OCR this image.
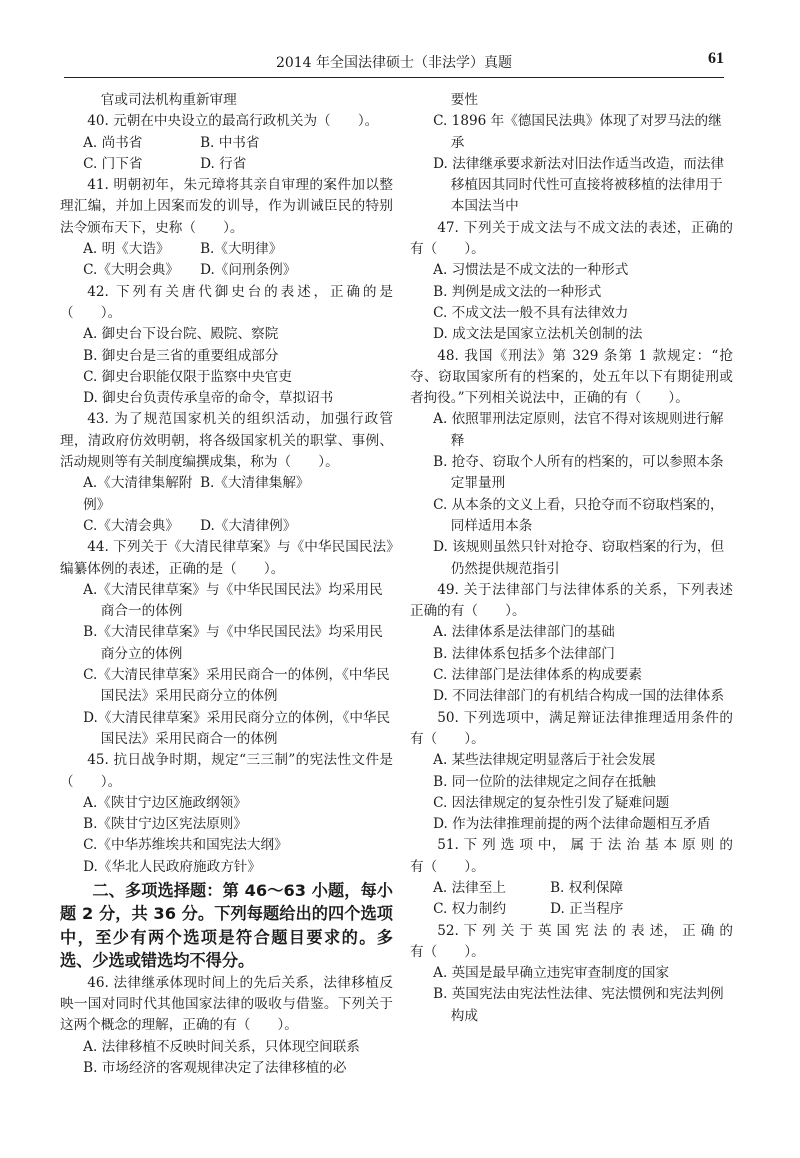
2014 年全国法律硕士（非法学）真题	61

官或司法机构重新审理

40. 元朝在中央设立的最高行政机关为（　　）。

A. 尚书省	B. 中书省

C. 门下省	D. 行省

41. 明朝初年，朱元璋将其亲自审理的案件加以整理汇编，并加上因案而发的训导，作为训诫臣民的特别法令颁布天下，史称（　　）。

A. 明《大诰》	B.《大明律》

C.《大明会典》	D.《问刑条例》

42. 下列有关唐代御史台的表述，正确的是（　　）。

A. 御史台下设台院、殿院、察院

B. 御史台是三省的重要组成部分

C. 御史台职能仅限于监察中央官吏

D. 御史台负责传承皇帝的命令，草拟诏书

43. 为了规范国家机关的组织活动，加强行政管理，清政府仿效明朝，将各级国家机关的职掌、事例、活动规则等有关制度编撰成集，称为（　　）。

A.《大清律集解附例》
B.《大清律集解》

C.《大清会典》	D.《大清律例》

44. 下列关于《大清民律草案》与《中华民国民法》编纂体例的表述，正确的是（　　）。

A.《大清民律草案》与《中华民国民法》均采用民商合一的体例

B.《大清民律草案》与《中华民国民法》均采用民商分立的体例

C.《大清民律草案》采用民商合一的体例，《中华民国民法》采用民商分立的体例

D.《大清民律草案》采用民商分立的体例，《中华民国民法》采用民商合一的体例

45. 抗日战争时期，规定“三三制”的宪法性文件是（　　）。

A.《陕甘宁边区施政纲领》

B.《陕甘宁边区宪法原则》

C.《中华苏维埃共和国宪法大纲》

D.《华北人民政府施政方针》

二、多项选择题：第 46～63 小题，每小题 2 分，共 36 分。下列每题给出的四个选项中，至少有两个选项是符合题目要求的。多选、少选或错选均不得分。

46. 法律继承体现时间上的先后关系，法律移植反映一国对同时代其他国家法律的吸收与借鉴。下列关于这两个概念的理解，正确的有（　　）。

A. 法律移植不反映时间关系，只体现空间联系

B. 市场经济的客观规律决定了法律移植的必

要性

C. 1896 年《德国民法典》体现了对罗马法的继承

D. 法律继承要求新法对旧法作适当改造，而法律移植因其同时代性可直接将被移植的法律用于本国法当中

47. 下列关于成文法与不成文法的表述，正确的有（　　）。

A. 习惯法是不成文法的一种形式

B. 判例是成文法的一种形式

C. 不成文法一般不具有法律效力

D. 成文法是国家立法机关创制的法

48. 我国《刑法》第 329 条第 1 款规定：“抢夺、窃取国家所有的档案的，处五年以下有期徒刑或者拘役。”下列相关说法中，正确的有（　　）。

A. 依照罪刑法定原则，法官不得对该规则进行解释

B. 抢夺、窃取个人所有的档案的，可以参照本条定罪量刑

C. 从本条的文义上看，只抢夺而不窃取档案的，同样适用本条

D. 该规则虽然只针对抢夺、窃取档案的行为，但仍然提供规范指引

49. 关于法律部门与法律体系的关系，下列表述正确的有（　　）。

A. 法律体系是法律部门的基础

B. 法律体系包括多个法律部门

C. 法律部门是法律体系的构成要素

D. 不同法律部门的有机结合构成一国的法律体系

50. 下列选项中，满足辩证法律推理适用条件的有（　　）。

A. 某些法律规定明显落后于社会发展

B. 同一位阶的法律规定之间存在抵触

C. 因法律规定的复杂性引发了疑难问题

D. 作为法律推理前提的两个法律命题相互矛盾

51. 下 列 选 项 中， 属 于 法 治 基 本 原 则 的 有（　　）。

A. 法律至上	B. 权利保障

C. 权力制约	D. 正当程序

52. 下 列 关 于 英 国 宪 法 的 表 述， 正 确 的 有（　　）。

A. 英国是最早确立违宪审查制度的国家

B. 英国宪法由宪法性法律、宪法惯例和宪法判例构成
